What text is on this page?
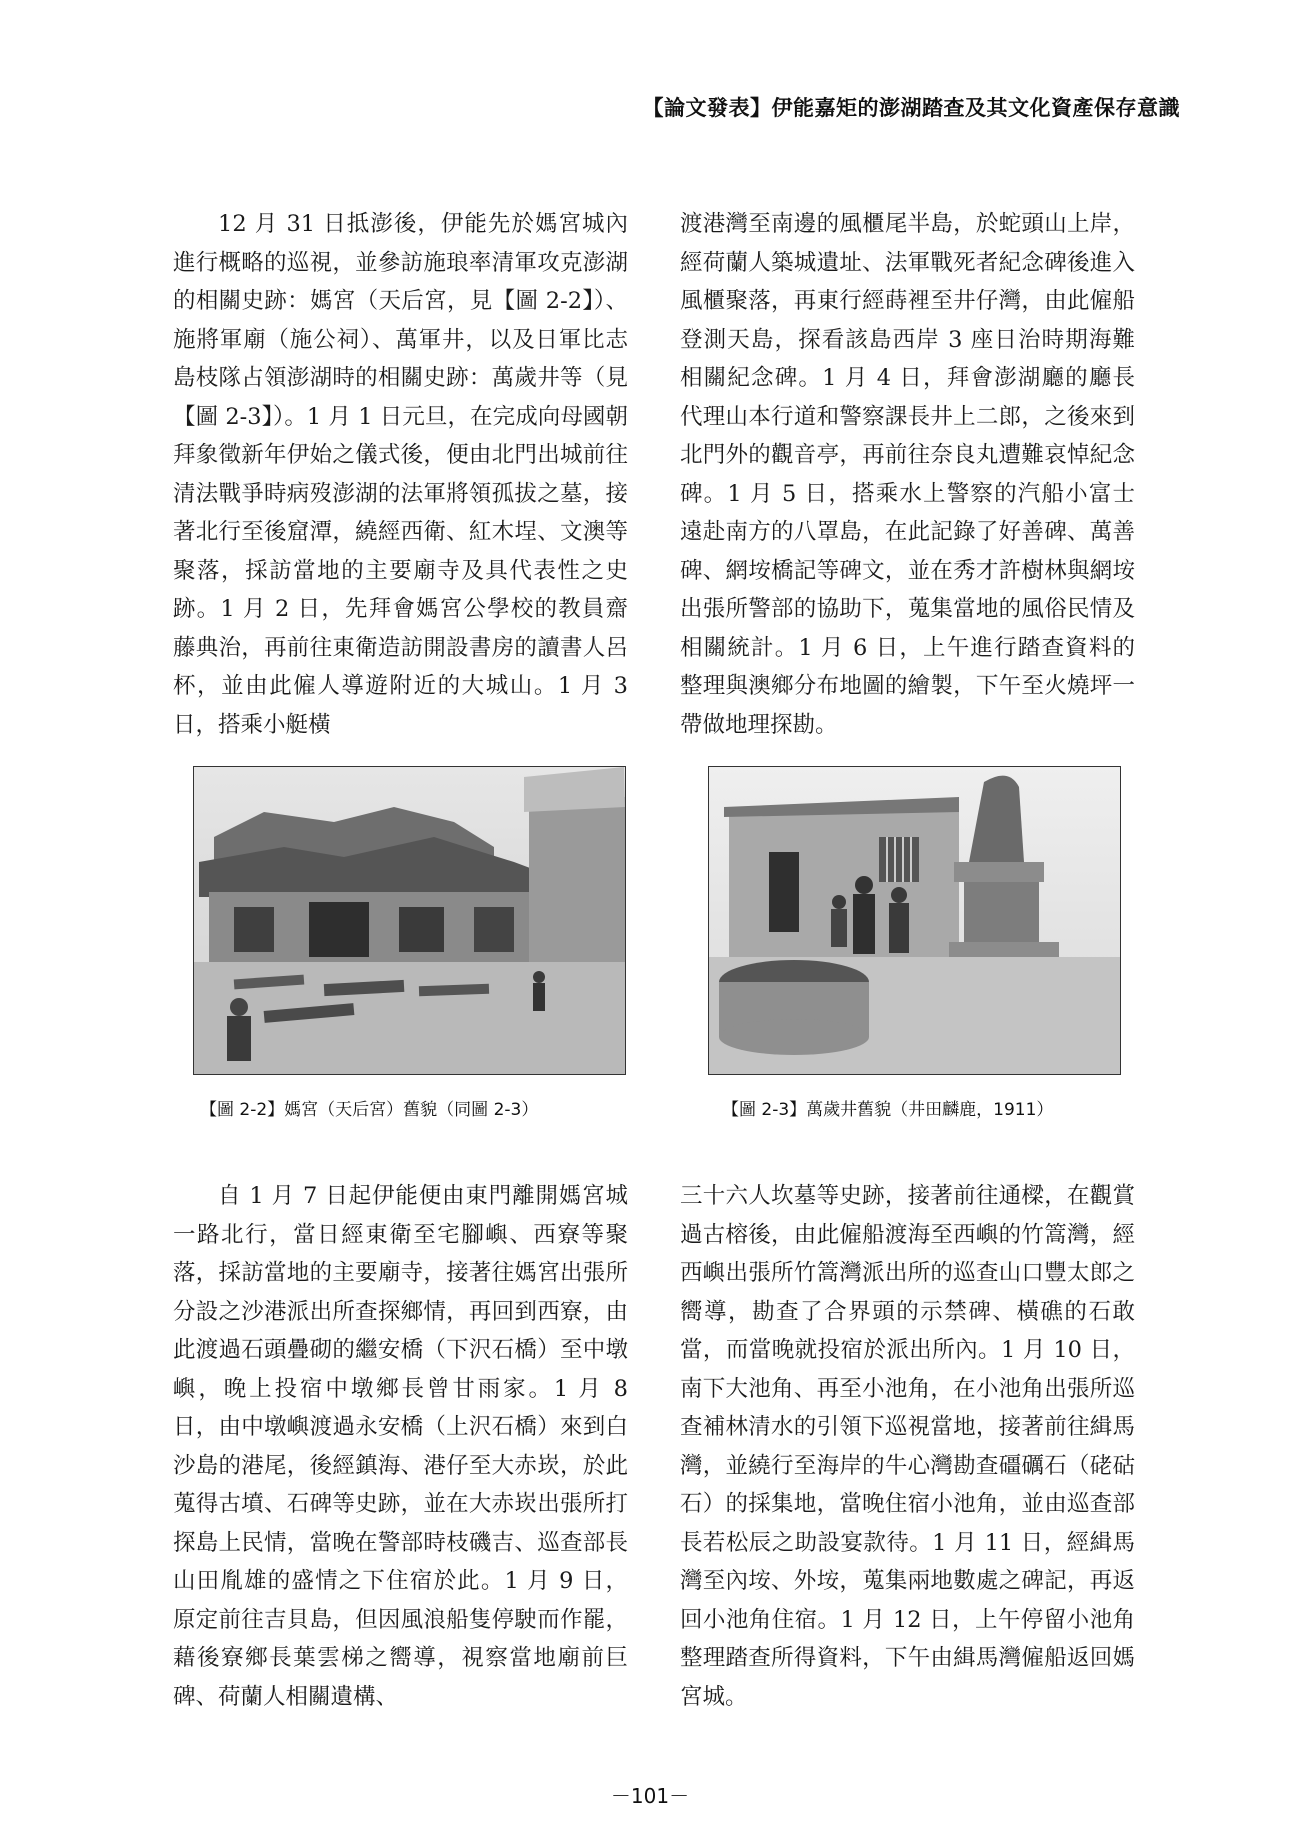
【論文發表】伊能嘉矩的澎湖踏查及其文化資產保存意識

12 月 31 日抵澎後，伊能先於媽宮城內進行概略的巡視，並參訪施琅率清軍攻克澎湖的相關史跡：媽宮（天后宮，見【圖 2-2】）、施將軍廟（施公祠）、萬軍井，以及日軍比志島枝隊占領澎湖時的相關史跡：萬歲井等（見【圖 2-3】）。1 月 1 日元旦，在完成向母國朝拜象徵新年伊始之儀式後，便由北門出城前往清法戰爭時病歿澎湖的法軍將領孤拔之墓，接著北行至後窟潭，繞經西衛、紅木埕、文澳等聚落，採訪當地的主要廟寺及具代表性之史跡。1 月 2 日，先拜會媽宮公學校的教員齋藤典治，再前往東衛造訪開設書房的讀書人呂杯，並由此僱人導遊附近的大城山。1 月 3 日，搭乘小艇橫

渡港灣至南邊的風櫃尾半島，於蛇頭山上岸，經荷蘭人築城遺址、法軍戰死者紀念碑後進入風櫃聚落，再東行經蒔裡至井仔灣，由此僱船登測天島，探看該島西岸 3 座日治時期海難相關紀念碑。1 月 4 日，拜會澎湖廳的廳長代理山本行道和警察課長井上二郎，之後來到北門外的觀音亭，再前往奈良丸遭難哀悼紀念碑。1 月 5 日，搭乘水上警察的汽船小富士遠赴南方的八罩島，在此記錄了好善碑、萬善碑、網垵橋記等碑文，並在秀才許樹林與網垵出張所警部的協助下，蒐集當地的風俗民情及相關統計。1 月 6 日，上午進行踏查資料的整理與澳鄉分布地圖的繪製，下午至火燒坪一帶做地理探勘。

【圖 2-2】媽宮（天后宮）舊貌（同圖 2-3）	【圖 2-3】萬歲井舊貌（井田麟鹿，1911）

自 1 月 7 日起伊能便由東門離開媽宮城一路北行，當日經東衛至宅腳嶼、西寮等聚落，採訪當地的主要廟寺，接著往媽宮出張所分設之沙港派出所查探鄉情，再回到西寮，由此渡過石頭疊砌的繼安橋（下沢石橋）至中墩嶼，晚上投宿中墩鄉長曾甘雨家。1 月 8 日，由中墩嶼渡過永安橋（上沢石橋）來到白沙島的港尾，後經鎮海、港仔至大赤崁，於此蒐得古墳、石碑等史跡，並在大赤崁出張所打探島上民情，當晚在警部時枝磯吉、巡查部長山田胤雄的盛情之下住宿於此。1 月 9 日，原定前往吉貝島，但因風浪船隻停駛而作罷，藉後寮鄉長葉雲梯之嚮導，視察當地廟前巨碑、荷蘭人相關遺構、

三十六人坎墓等史跡，接著前往通樑，在觀賞過古榕後，由此僱船渡海至西嶼的竹篙灣，經西嶼出張所竹篙灣派出所的巡查山口豐太郎之嚮導，勘查了合界頭的示禁碑、橫礁的石敢當，而當晚就投宿於派出所內。1 月 10 日，南下大池角、再至小池角，在小池角出張所巡查補林清水的引領下巡視當地，接著前往緝馬灣，並繞行至海岸的牛心灣勘查礓礪石（硓𥑮石）的採集地，當晚住宿小池角，並由巡查部長若松辰之助設宴款待。1 月 11 日，經緝馬灣至內垵、外垵，蒐集兩地數處之碑記，再返回小池角住宿。1 月 12 日，上午停留小池角整理踏查所得資料，下午由緝馬灣僱船返回媽宮城。

－101－
